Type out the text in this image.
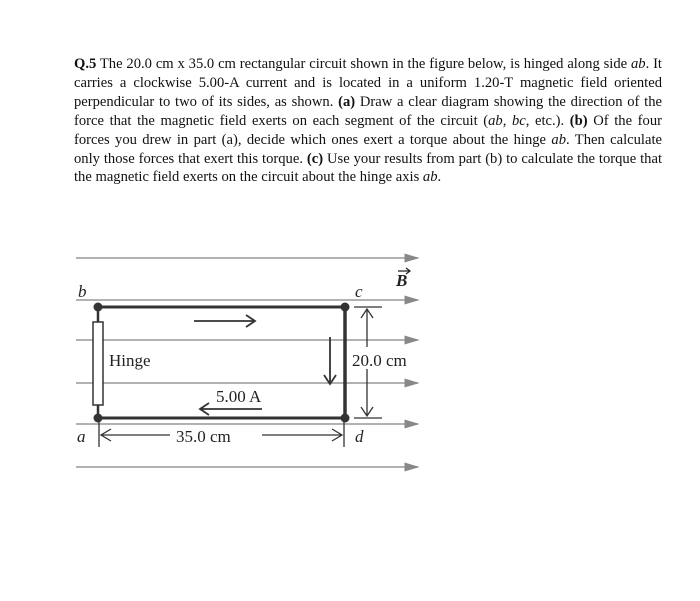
Q.5 The 20.0 cm x 35.0 cm rectangular circuit shown in the figure below, is hinged along side ab. It carries a clockwise 5.00-A current and is located in a uniform 1.20-T magnetic field oriented perpendicular to two of its sides, as shown. (a) Draw a clear diagram showing the direction of the force that the magnetic field exerts on each segment of the circuit (ab, bc, etc.). (b) Of the four forces you drew in part (a), decide which ones exert a torque about the hinge ab. Then calculate only those forces that exert this torque. (c) Use your results from part (b) to calculate the torque that the magnetic field exerts on the circuit about the hinge axis ab.
B
b	c
a	d
Hinge
5.00 A
20.0 cm
35.0 cm
